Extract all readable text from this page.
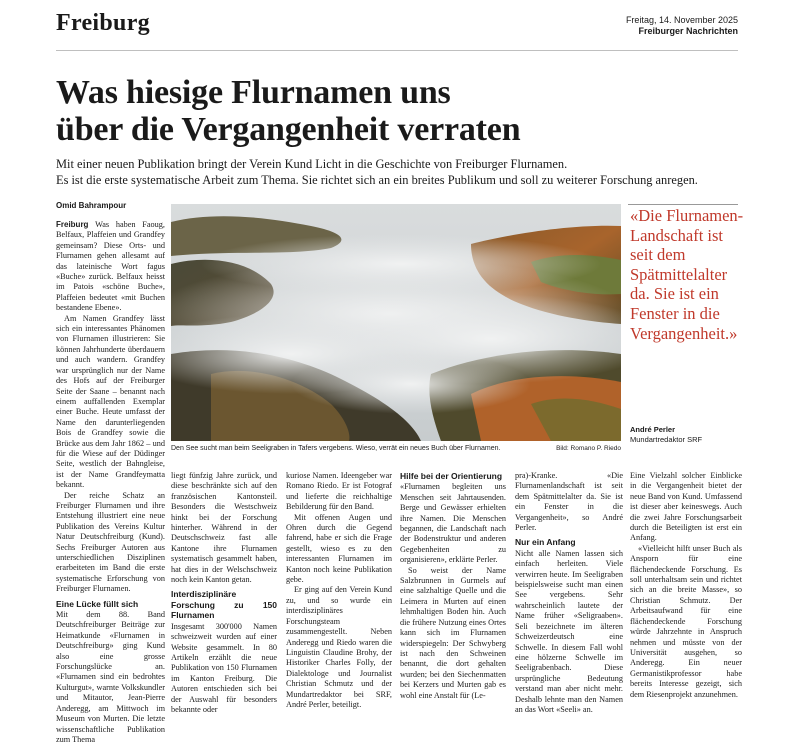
Freiburg	Freitag, 14. November 2025
Freiburger Nachrichten
Was hiesige Flurnamen uns
über die Vergangenheit verraten
Mit einer neuen Publikation bringt der Verein Kund Licht in die Geschichte von Freiburger Flurnamen.
Es ist die erste systematische Arbeit zum Thema. Sie richtet sich an ein breites Publikum und soll zu weiterer Forschung anregen.
Omid Bahrampour
Den See sucht man beim Seeligraben in Tafers vergebens. Wieso, verrät ein neues Buch über Flurnamen.	Bild: Romano P. Riedo
«Die Flurnamen-Landschaft ist seit dem Spätmittelalter da. Sie ist ein Fenster in die Vergangenheit.»
André Perler
Mundartredaktor SRF

Freiburg Was haben Faoug, Belfaux, Plaffeien und Grandfey gemeinsam? Diese Orts- und Flurnamen gehen allesamt auf das lateinische Wort fagus «Buche» zurück. Belfaux heisst im Patois «schöne Buche», Plaffeien bedeutet «mit Buchen bestandene Ebene».

Am Namen Grandfey lässt sich ein interessantes Phänomen von Flurnamen illustrieren: Sie können Jahrhunderte überdauern und auch wandern. Grandfey war ursprünglich nur der Name des Hofs auf der Freiburger Seite der Saane – benannt nach einem auffallenden Exemplar einer Buche. Heute umfasst der Name den darunterliegenden Bois de Grandfey sowie die Brücke aus dem Jahr 1862 – und für die Wiese auf der Düdinger Seite, westlich der Bahngleise, ist der Name Grandfeymatta bekannt.

Der reiche Schatz an Freiburger Flurnamen und ihre Entstehung illustriert eine neue Publikation des Vereins Kultur Natur Deutschfreiburg (Kund). Sechs Freiburger Autoren aus unterschiedlichen Disziplinen erarbeiteten im Band die erste systematische Erforschung von Freiburger Flurnamen.

Eine Lücke füllt sich

Mit dem 88. Band Deutschfreiburger Beiträge zur Heimatkunde «Flurnamen in Deutschfreiburg» ging Kund also eine grosse Forschungslücke an. «Flurnamen sind ein bedrohtes Kulturgut», warnte Volkskundler und Mitautor, Jean-Pierre Anderegg, am Mittwoch im Museum von Murten. Die letzte wissenschaftliche Publikation zum Thema

liegt fünfzig Jahre zurück, und diese beschränkte sich auf den französischen Kantonsteil. Besonders die Westschweiz hinkt bei der Forschung hinterher. Während in der Deutschschweiz fast alle Kantone ihre Flurnamen systematisch gesammelt haben, hat dies in der Welschschweiz noch kein Kanton getan.

Interdisziplinäre Forschung zu 150 Flurnamen

Insgesamt 300'000 Namen schweizweit wurden auf einer Website gesammelt. In 80 Artikeln erzählt die neue Publikation von 150 Flurnamen im Kanton Freiburg. Die Autoren entschieden sich bei der Auswahl für besonders bekannte oder

kuriose Namen. Ideengeber war Romano Riedo. Er ist Fotograf und lieferte die reichhaltige Bebilderung für den Band.

Mit offenen Augen und Ohren durch die Gegend fahrend, habe er sich die Frage gestellt, wieso es zu den interessanten Flurnamen im Kanton noch keine Publikation gebe.

Er ging auf den Verein Kund zu, und so wurde ein interdisziplinäres Forschungsteam zusammengestellt. Neben Anderegg und Riedo waren die Linguistin Claudine Brohy, der Historiker Charles Folly, der Dialektologe und Journalist Christian Schmutz und der Mundartredaktor bei SRF, André Perler, beteiligt.

Hilfe bei der Orientierung

«Flurnamen begleiten uns Menschen seit Jahrtausenden. Berge und Gewässer erhielten ihre Namen. Die Menschen begannen, die Landschaft nach der Bodenstruktur und anderen Gegebenheiten zu organisieren», erklärte Perler.

So weist der Name Salzbrunnen in Gurmels auf eine salzhaltige Quelle und die Leimera in Murten auf einen lehmhaltigen Boden hin. Auch die frühere Nutzung eines Ortes kann sich im Flurnamen widerspiegeln: Der Schwyberg ist nach den Schweinen benannt, die dort gehalten wurden; bei den Siechenmatten bei Kerzers und Murten gab es wohl eine Anstalt für (Le-

pra)-Kranke. «Die Flurnamenlandschaft ist seit dem Spätmittelalter da. Sie ist ein Fenster in die Vergangenheit», so André Perler.

Nur ein Anfang

Nicht alle Namen lassen sich einfach herleiten. Viele verwirren heute. Im Seeligraben beispielsweise sucht man einen See vergebens. Sehr wahrscheinlich lautete der Name früher «Seligraaben». Seli bezeichnete im älteren Schweizerdeutsch eine Schwelle. In diesem Fall wohl eine hölzerne Schwelle im Seeligrabenbach. Diese ursprüngliche Bedeutung verstand man aber nicht mehr. Deshalb lehnte man den Namen an das Wort «Seeli» an.

Eine Vielzahl solcher Einblicke in die Vergangenheit bietet der neue Band von Kund. Umfassend ist dieser aber keineswegs. Auch die zwei Jahre Forschungsarbeit durch die Beteiligten ist erst ein Anfang.

«Vielleicht hilft unser Buch als Ansporn für eine flächendeckende Forschung. Es soll unterhaltsam sein und richtet sich an die breite Masse», so Christian Schmutz. Der Arbeitsaufwand für eine flächendeckende Forschung würde Jahrzehnte in Anspruch nehmen und müsste von der Universität ausgehen, so Anderegg. Ein neuer Germanistikprofessor habe bereits Interesse gezeigt, sich dem Riesenprojekt anzunehmen.
